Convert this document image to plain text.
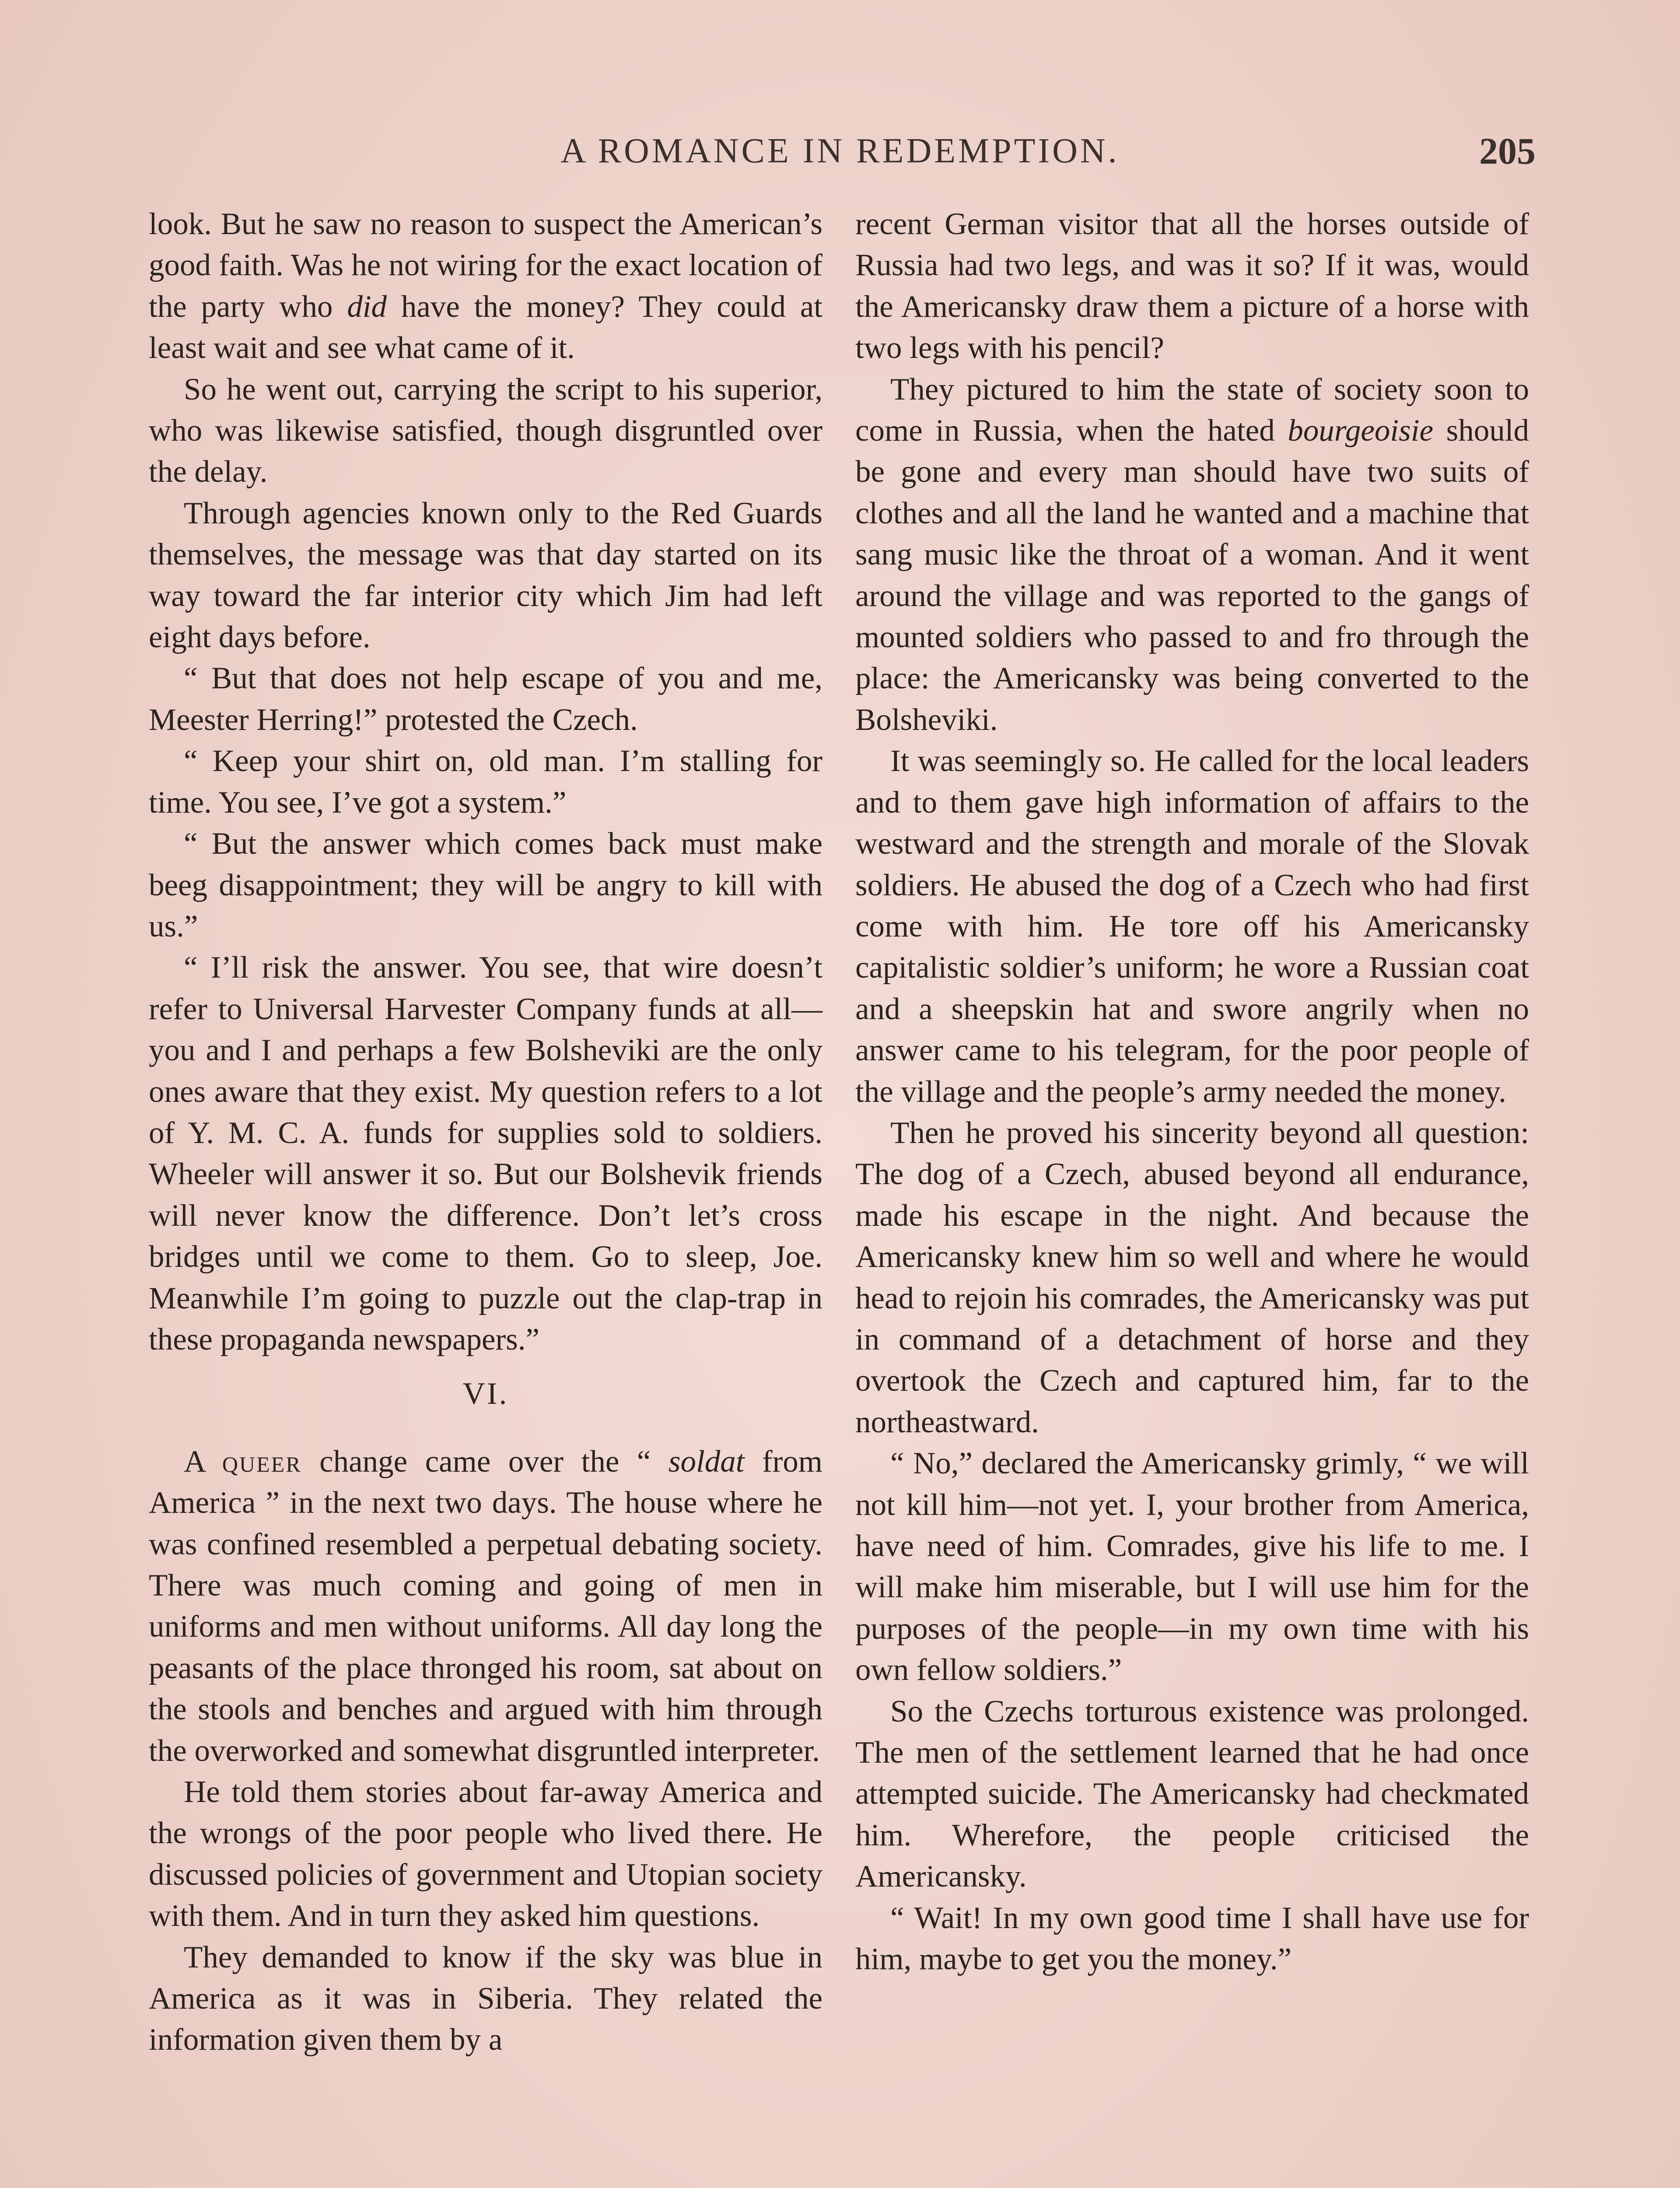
A ROMANCE IN REDEMPTION.	205

look. But he saw no reason to suspect the American’s good faith. Was he not wiring for the exact location of the party who did have the money? They could at least wait and see what came of it.

So he went out, carrying the script to his superior, who was likewise satisfied, though disgruntled over the delay.

Through agencies known only to the Red Guards themselves, the message was that day started on its way toward the far interior city which Jim had left eight days before.

“ But that does not help escape of you and me, Meester Herring!” protested the Czech.

“ Keep your shirt on, old man. I’m stalling for time. You see, I’ve got a system.”

“ But the answer which comes back must make beeg disappointment; they will be angry to kill with us.”

“ I’ll risk the answer. You see, that wire doesn’t refer to Universal Harvester Company funds at all—you and I and perhaps a few Bolsheviki are the only ones aware that they exist. My question refers to a lot of Y. M. C. A. funds for supplies sold to soldiers. Wheeler will answer it so. But our Bolshevik friends will never know the difference. Don’t let’s cross bridges until we come to them. Go to sleep, Joe. Meanwhile I’m going to puzzle out the clap-trap in these propaganda newspapers.”

VI.

A queer change came over the “ soldat from America ” in the next two days. The house where he was confined resembled a perpetual debating society. There was much coming and going of men in uniforms and men without uniforms. All day long the peasants of the place thronged his room, sat about on the stools and benches and argued with him through the overworked and somewhat disgruntled interpreter.

He told them stories about far-away America and the wrongs of the poor people who lived there. He discussed policies of government and Utopian society with them. And in turn they asked him questions.

They demanded to know if the sky was blue in America as it was in Siberia. They related the information given them by a

recent German visitor that all the horses outside of Russia had two legs, and was it so? If it was, would the Americansky draw them a picture of a horse with two legs with his pencil?

They pictured to him the state of society soon to come in Russia, when the hated bourgeoisie should be gone and every man should have two suits of clothes and all the land he wanted and a machine that sang music like the throat of a woman. And it went around the village and was reported to the gangs of mounted soldiers who passed to and fro through the place: the Americansky was being converted to the Bolsheviki.

It was seemingly so. He called for the local leaders and to them gave high information of affairs to the westward and the strength and morale of the Slovak soldiers. He abused the dog of a Czech who had first come with him. He tore off his Americansky capitalistic soldier’s uniform; he wore a Russian coat and a sheepskin hat and swore angrily when no answer came to his telegram, for the poor people of the village and the people’s army needed the money.

Then he proved his sincerity beyond all question: The dog of a Czech, abused beyond all endurance, made his escape in the night. And because the Americansky knew him so well and where he would head to rejoin his comrades, the Americansky was put in command of a detachment of horse and they overtook the Czech and captured him, far to the northeastward.

“ No,” declared the Americansky grimly, “ we will not kill him—not yet. I, your brother from America, have need of him. Comrades, give his life to me. I will make him miserable, but I will use him for the purposes of the people—in my own time with his own fellow soldiers.”

So the Czechs torturous existence was prolonged. The men of the settlement learned that he had once attempted suicide. The Americansky had checkmated him. Wherefore, the people criticised the Americansky.

“ Wait! In my own good time I shall have use for him, maybe to get you the money.”
